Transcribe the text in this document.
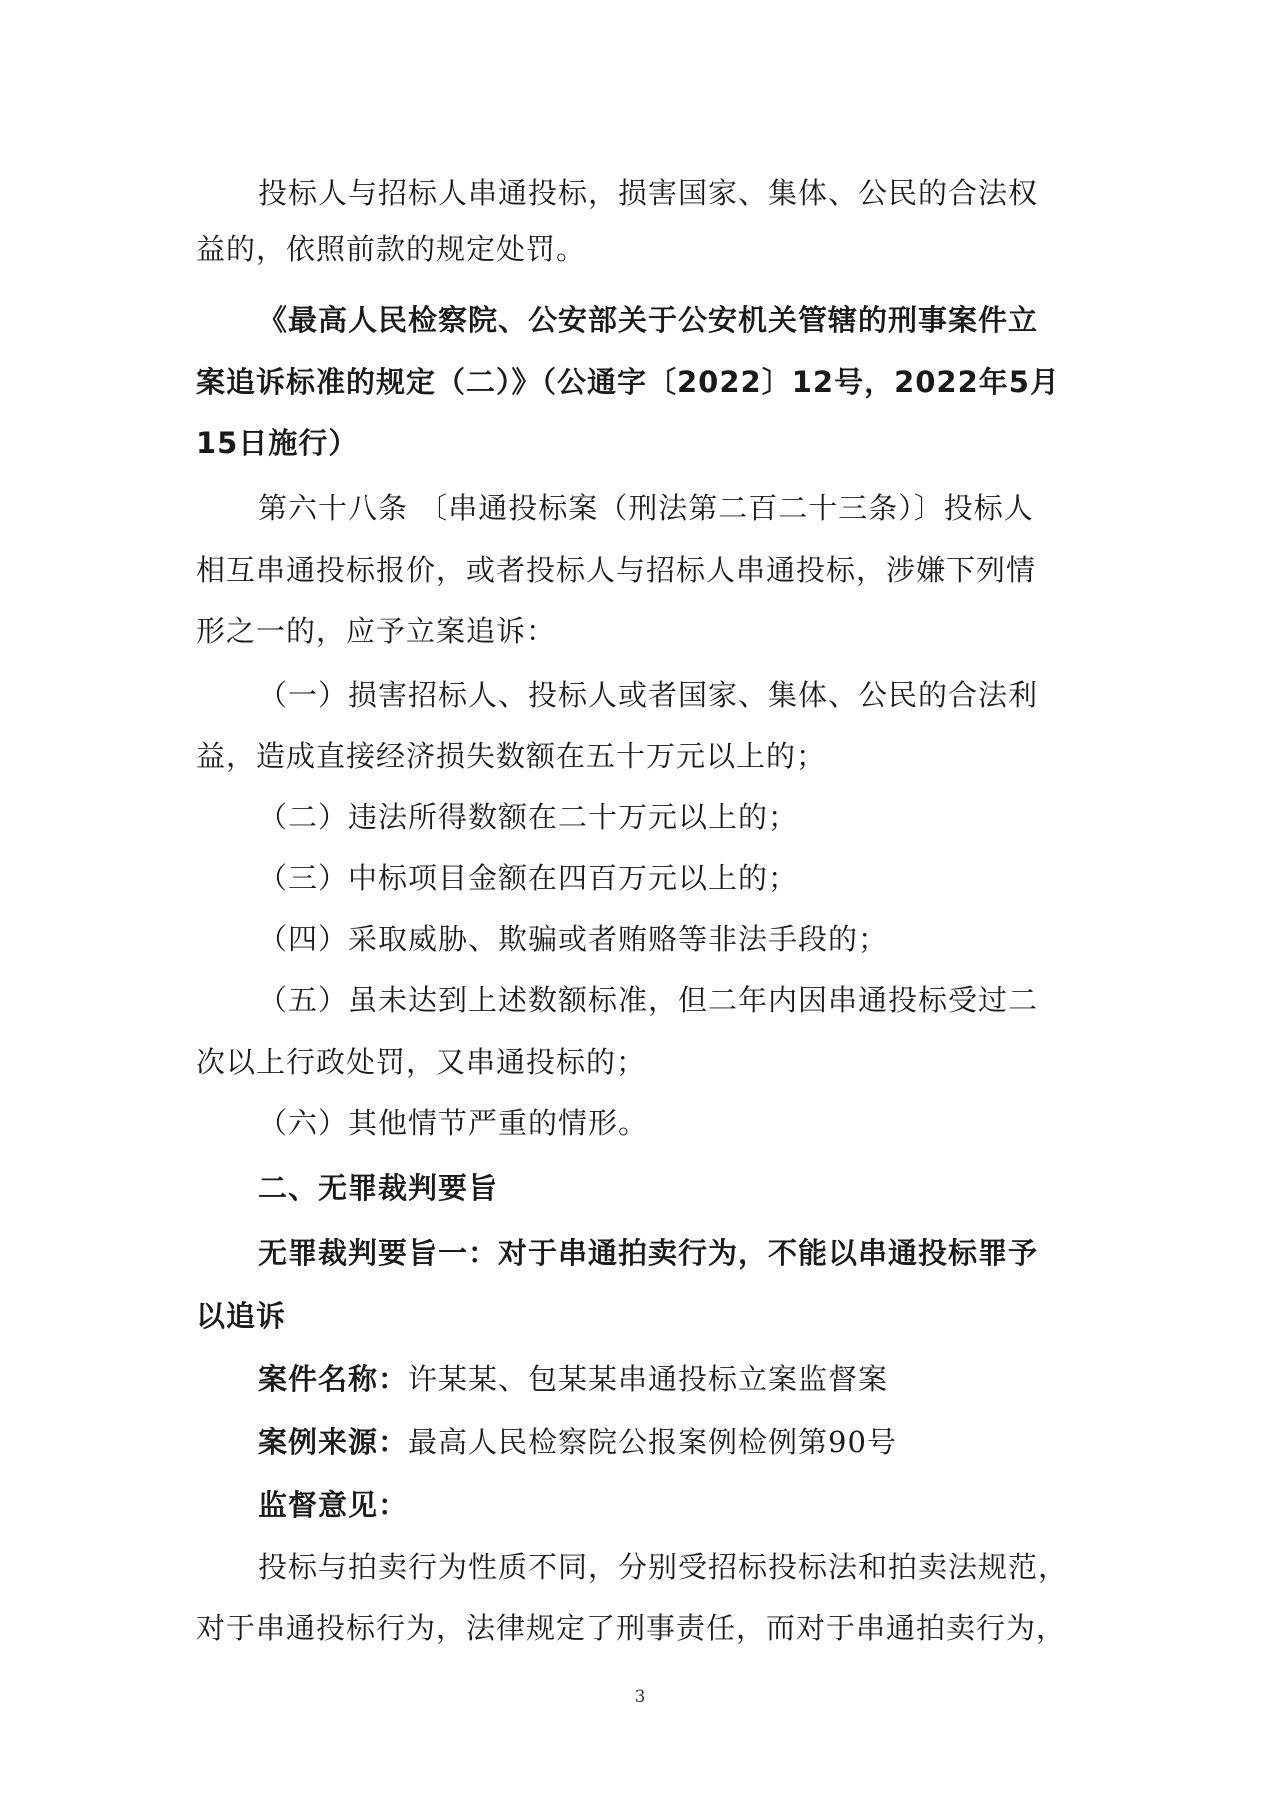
投标人与招标人串通投标，损害国家、集体、公民的合法权
益的，依照前款的规定处罚。
《最高人民检察院、公安部关于公安机关管辖的刑事案件立
案追诉标准的规定（二）》（公通字〔2022〕12号，2022年5月
15日施行）
第六十八条 〔串通投标案（刑法第二百二十三条）〕投标人
相互串通投标报价，或者投标人与招标人串通投标，涉嫌下列情
形之一的，应予立案追诉：
（一）损害招标人、投标人或者国家、集体、公民的合法利
益，造成直接经济损失数额在五十万元以上的；
（二）违法所得数额在二十万元以上的；
（三）中标项目金额在四百万元以上的；
（四）采取威胁、欺骗或者贿赂等非法手段的；
（五）虽未达到上述数额标准，但二年内因串通投标受过二
次以上行政处罚，又串通投标的；
（六）其他情节严重的情形。
二、无罪裁判要旨
无罪裁判要旨一：对于串通拍卖行为，不能以串通投标罪予
以追诉
案件名称：许某某、包某某串通投标立案监督案
案例来源：最高人民检察院公报案例检例第90号
监督意见：
投标与拍卖行为性质不同，分别受招标投标法和拍卖法规范，
对于串通投标行为，法律规定了刑事责任，而对于串通拍卖行为，
3
